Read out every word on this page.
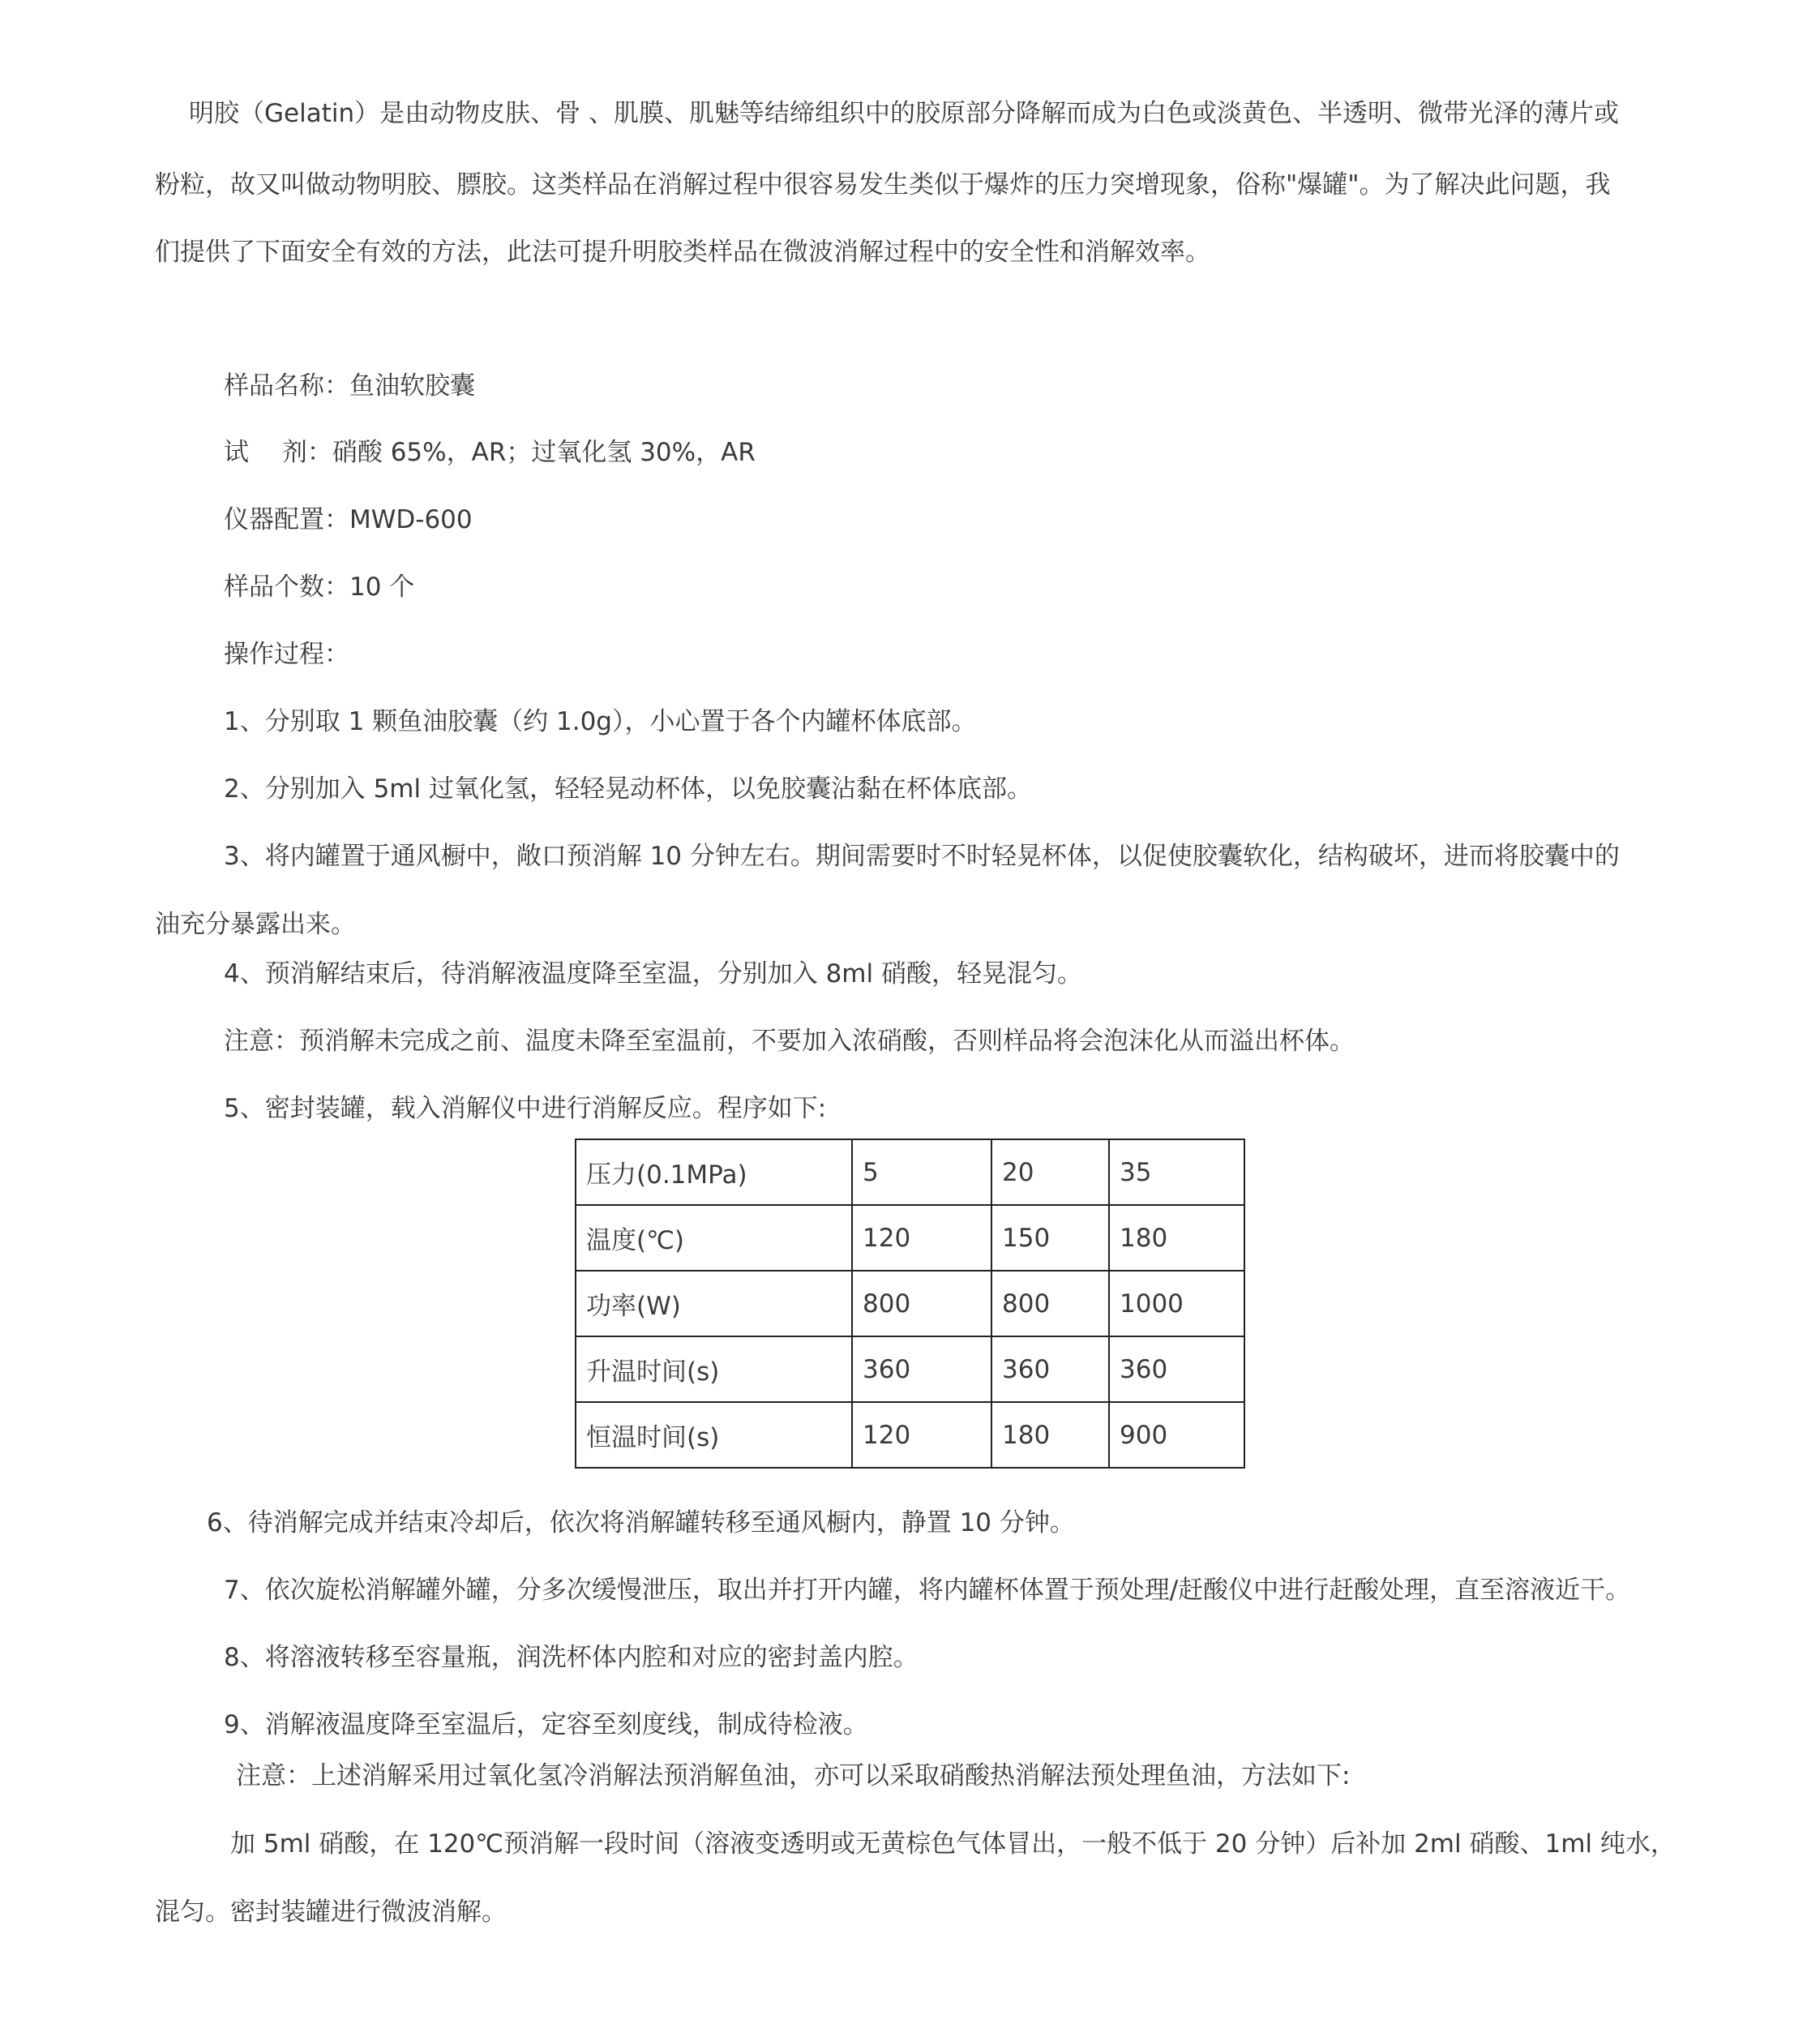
明胶（Gelatin）是由动物皮肤、骨 、肌膜、肌魅等结缔组织中的胶原部分降解而成为白色或淡黄色、半透明、微带光泽的薄片或
粉粒，故又叫做动物明胶、膘胶。这类样品在消解过程中很容易发生类似于爆炸的压力突增现象，俗称"爆罐"。为了解决此问题，我
们提供了下面安全有效的方法，此法可提升明胶类样品在微波消解过程中的安全性和消解效率。
样品名称：鱼油软胶囊
试　 剂：硝酸 65%，AR；过氧化氢 30%，AR
仪器配置：MWD-600
样品个数：10 个
操作过程：
1、分别取 1 颗鱼油胶囊（约 1.0g），小心置于各个内罐杯体底部。
2、分别加入 5ml 过氧化氢，轻轻晃动杯体，以免胶囊沾黏在杯体底部。
3、将内罐置于通风橱中，敞口预消解 10 分钟左右。期间需要时不时轻晃杯体，以促使胶囊软化，结构破坏，进而将胶囊中的
油充分暴露出来。
4、预消解结束后，待消解液温度降至室温，分别加入 8ml 硝酸，轻晃混匀。
注意：预消解未完成之前、温度未降至室温前，不要加入浓硝酸，否则样品将会泡沫化从而溢出杯体。
5、密封装罐，载入消解仪中进行消解反应。程序如下:
压力(0.1MPa)	5	20	35
温度(℃)	120	150	180
功率(W)	800	800	1000
升温时间(s)	360	360	360
恒温时间(s)	120	180	900
6、待消解完成并结束冷却后，依次将消解罐转移至通风橱内，静置 10 分钟。
7、依次旋松消解罐外罐，分多次缓慢泄压，取出并打开内罐，将内罐杯体置于预处理/赶酸仪中进行赶酸处理，直至溶液近干。
8、将溶液转移至容量瓶，润洗杯体内腔和对应的密封盖内腔。
9、消解液温度降至室温后，定容至刻度线，制成待检液。
注意：上述消解采用过氧化氢冷消解法预消解鱼油，亦可以采取硝酸热消解法预处理鱼油，方法如下:
加 5ml 硝酸，在 120℃预消解一段时间（溶液变透明或无黄棕色气体冒出，一般不低于 20 分钟）后补加 2ml 硝酸、1ml 纯水，
混匀。密封装罐进行微波消解。
